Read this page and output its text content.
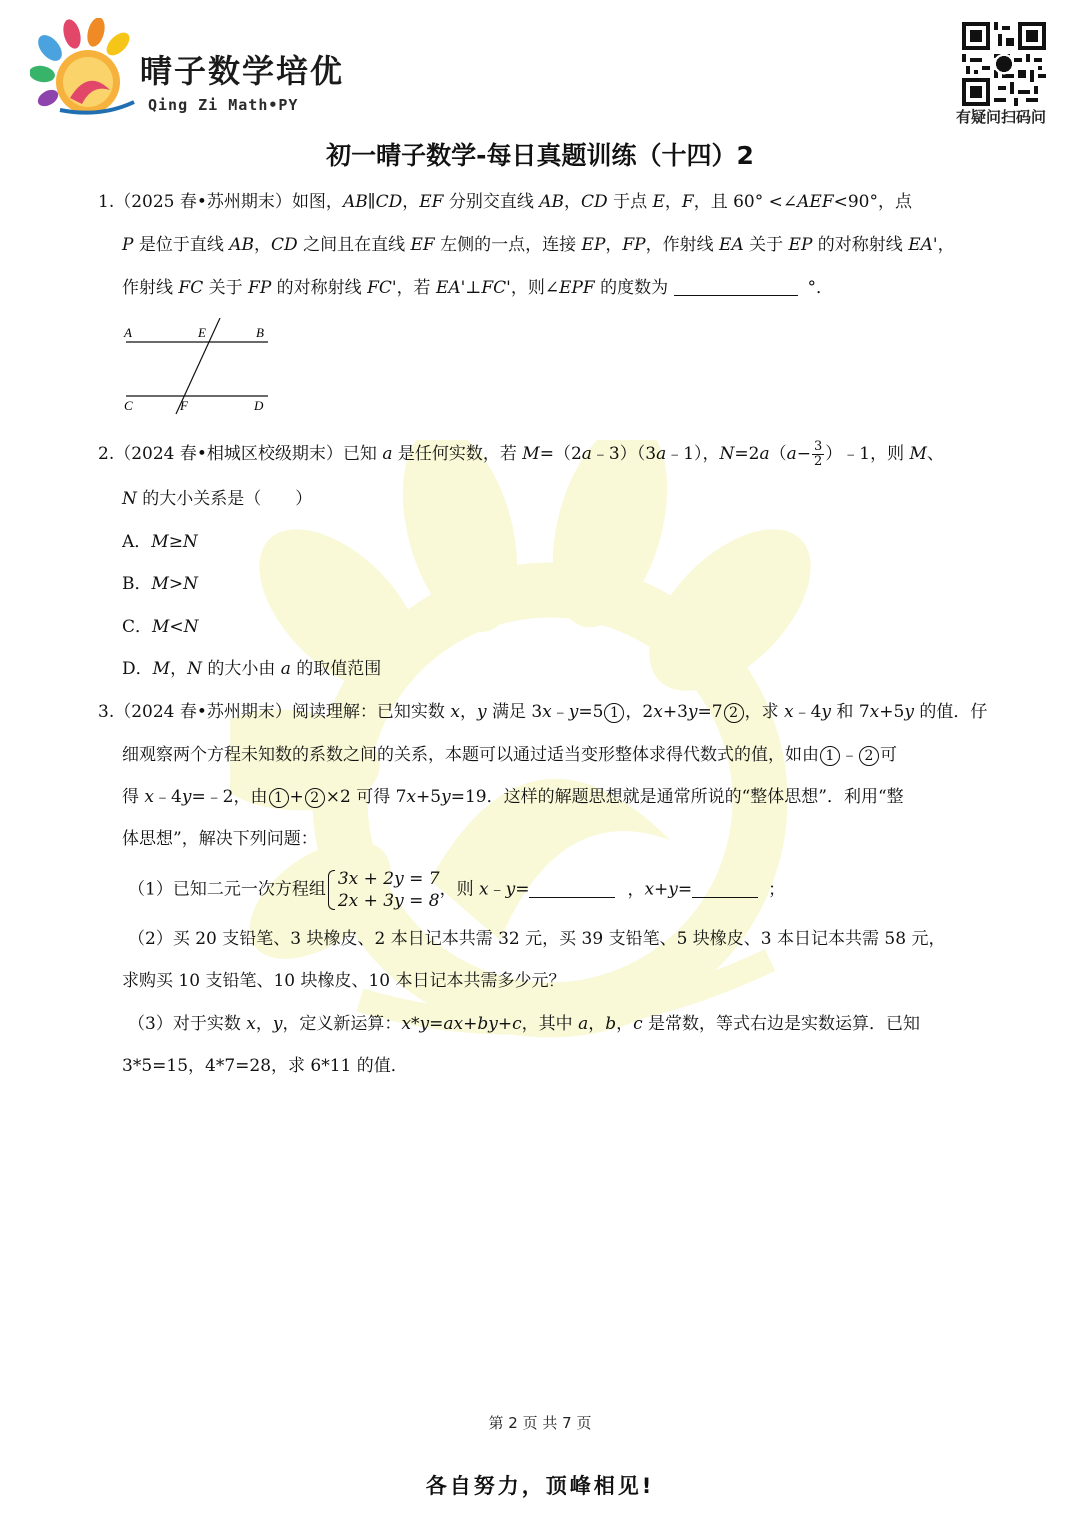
晴子数学培优
Qing Zi Math•PY
有疑问扫码问
初一晴子数学-每日真题训练（十四）2
1.（2025 春•苏州期末）如图，AB∥CD，EF 分别交直线 AB，CD 于点 E，F，且 60° <∠AEF<90°，点
P 是位于直线 AB，CD 之间且在直线 EF 左侧的一点，连接 EP，FP，作射线 EA 关于 EP 的对称射线 EA'，
作射线 FC 关于 FP 的对称射线 FC'，若 EA'⊥FC'，则∠EPF 的度数为	°．
A	E	B
C	F	D
2.（2024 春•相城区校级期末）已知 a 是任何实数，若 M=（2a﹣3）（3a﹣1），$N=2a(a- \frac{3}{2}$ ）﹣1，则 M、
N 的大小关系是（　　）
A．M≥N
B．M>N
C．M<N
D．M，N 的大小由 a 的取值范围
3.（2024 春•苏州期末）阅读理解：已知实数 x，y 满足 3x﹣y=5 1 ，2x+3y=7 2 ，求 x﹣4y 和 7x+5y 的值．仔
细观察两个方程未知数的系数之间的关系，本题可以通过适当变形整体求得代数式的值，如由 1 ﹣ 2 可
得 x﹣4y=﹣2，由 1 + 2 ×2 可得 7x+5y=19．这样的解题思想就是通常所说的“整体思想”．利用“整
体思想”，解决下列问题：
（1）已知二元一次方程组
3x + 2y = 7
2x + 3y = 8
，则 x﹣y=	，x+y=	；
（2）买 20 支铅笔、3 块橡皮、2 本日记本共需 32 元，买 39 支铅笔、5 块橡皮、3 本日记本共需 58 元，
求购买 10 支铅笔、10 块橡皮、10 本日记本共需多少元？
（3）对于实数 x，y，定义新运算：x*y=ax+by+c，其中 a，b，c 是常数，等式右边是实数运算．已知
3*5=15，4*7=28，求 6*11 的值．
第 2 页 共 7 页
各自努力，顶峰相见!
